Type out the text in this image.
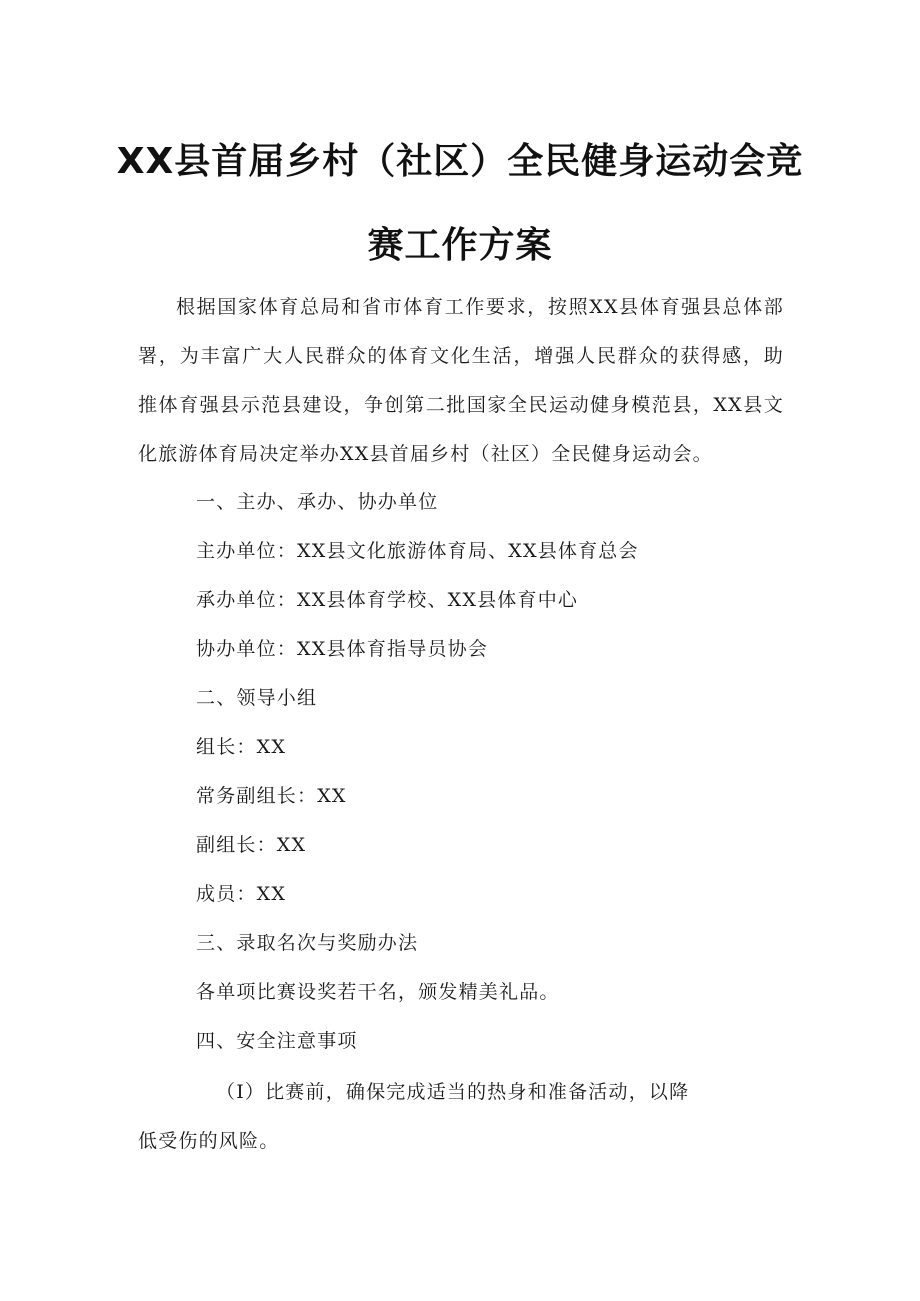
XX县首届乡村（社区）全民健身运动会竞
赛工作方案

根据国家体育总局和省市体育工作要求，按照XX县体育强县总体部署，为丰富广大人民群众的体育文化生活，增强人民群众的获得感，助推体育强县示范县建设，争创第二批国家全民运动健身模范县，XX县文化旅游体育局决定举办XX县首届乡村（社区）全民健身运动会。

一、主办、承办、协办单位

主办单位：XX县文化旅游体育局、XX县体育总会

承办单位：XX县体育学校、XX县体育中心

协办单位：XX县体育指导员协会

二、领导小组

组长：XX

常务副组长：XX

副组长：XX

成员：XX

三、录取名次与奖励办法

各单项比赛设奖若干名，颁发精美礼品。

四、安全注意事项

（I）比赛前，确保完成适当的热身和准备活动，以降低受伤的风险。
